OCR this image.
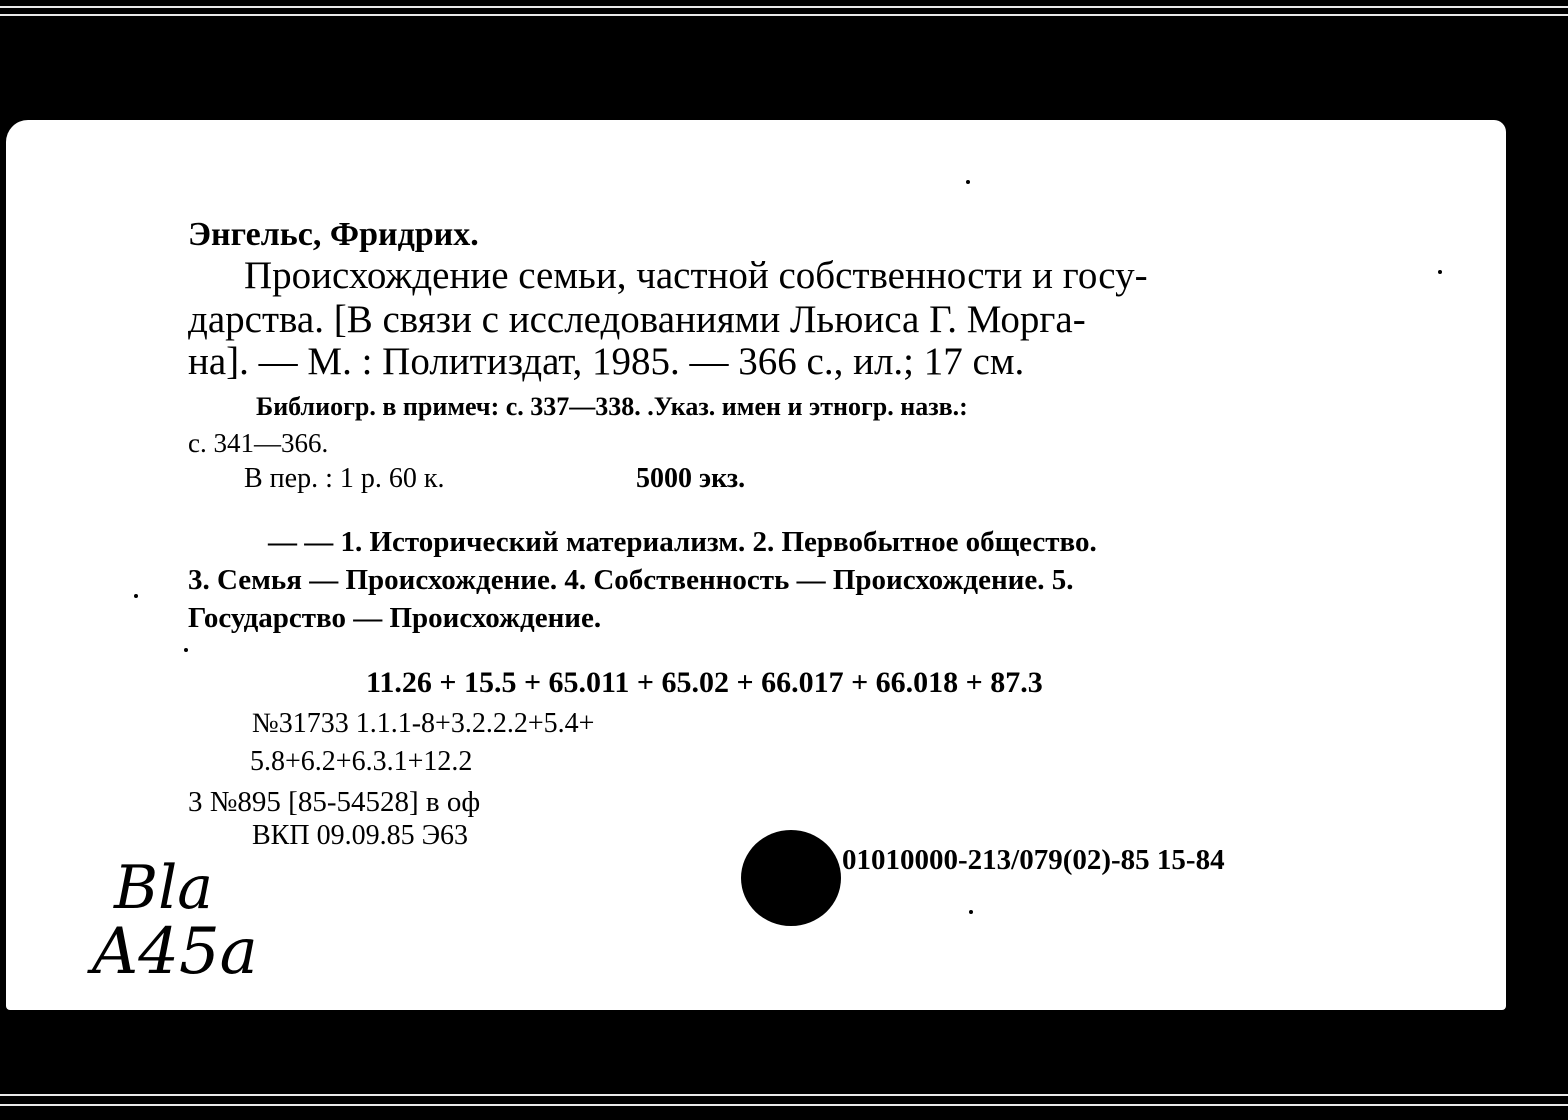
Энгельс, Фридрих.

Происхождение семьи, частной собственности и госу-

дарства. [В связи с исследованиями Льюиса Г. Морга-

на]. — М. : Политиздат, 1985. — 366 с., ил.; 17 см.

Библиогр. в примеч: с. 337—338. .Указ. имен и этногр. назв.:

с. 341—366.

В пер. : 1 р. 60 к.	5000 экз.

— — 1. Исторический материализм. 2. Первобытное общество.

3. Семья — Происхождение. 4. Собственность — Происхождение. 5.

Государство — Происхождение.

11.26 + 15.5 + 65.011 + 65.02 + 66.017 + 66.018 + 87.3

№31733 1.1.1-8+3.2.2.2+5.4+

5.8+6.2+6.3.1+12.2

3 №895 [85-54528] в оф

ВКП 09.09.85 Э63

01010000-213/079(02)-85 15-84

Bla
A45a
